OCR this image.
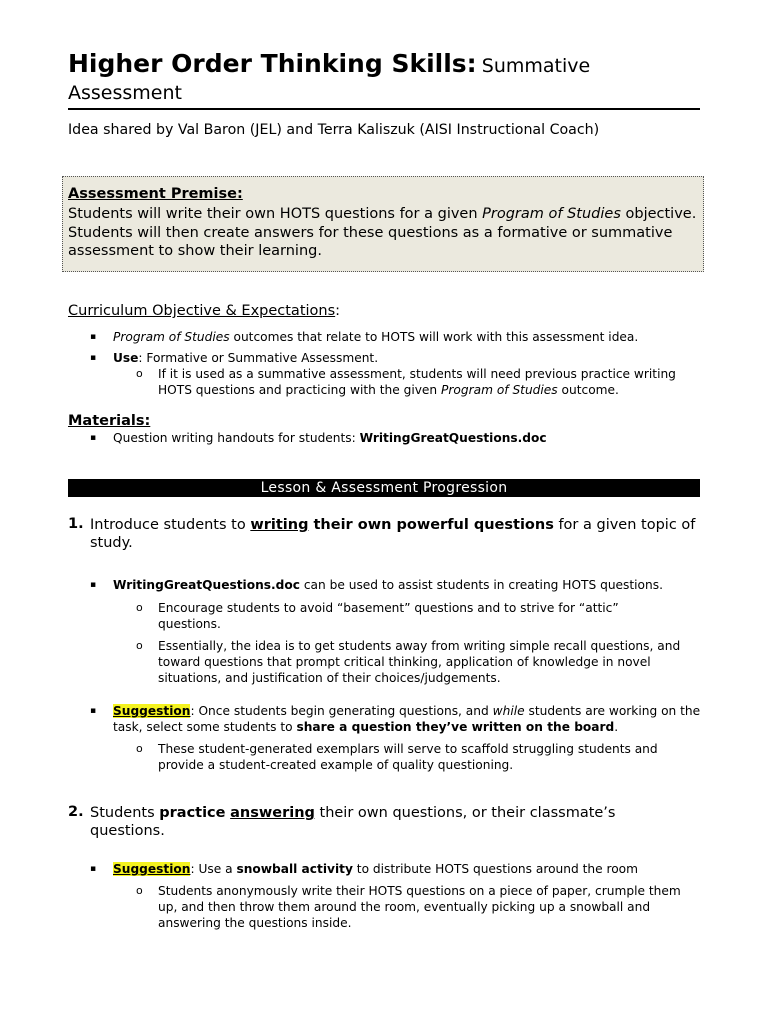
Higher Order Thinking Skills: Summative Assessment
Idea shared by Val Baron (JEL) and Terra Kaliszuk (AISI Instructional Coach)
Assessment Premise:
Students will write their own HOTS questions for a given Program of Studies objective. Students will then create answers for these questions as a formative or summative assessment to show their learning.
Curriculum Objective & Expectations:
▪ Program of Studies outcomes that relate to HOTS will work with this assessment idea.
▪ Use: Formative or Summative Assessment.
o If it is used as a summative assessment, students will need previous practice writing HOTS questions and practicing with the given Program of Studies outcome.
Materials:
▪ Question writing handouts for students: WritingGreatQuestions.doc
Lesson & Assessment Progression
1. Introduce students to writing their own powerful questions for a given topic of study.
▪ WritingGreatQuestions.doc can be used to assist students in creating HOTS questions.
o Encourage students to avoid “basement” questions and to strive for “attic” questions.
o Essentially, the idea is to get students away from writing simple recall questions, and toward questions that prompt critical thinking, application of knowledge in novel situations, and justification of their choices/judgements.
▪ Suggestion: Once students begin generating questions, and while students are working on the task, select some students to share a question they’ve written on the board.
o These student-generated exemplars will serve to scaffold struggling students and provide a student-created example of quality questioning.
2. Students practice answering their own questions, or their classmate’s questions.
▪ Suggestion: Use a snowball activity to distribute HOTS questions around the room
o Students anonymously write their HOTS questions on a piece of paper, crumple them up, and then throw them around the room, eventually picking up a snowball and answering the questions inside.
